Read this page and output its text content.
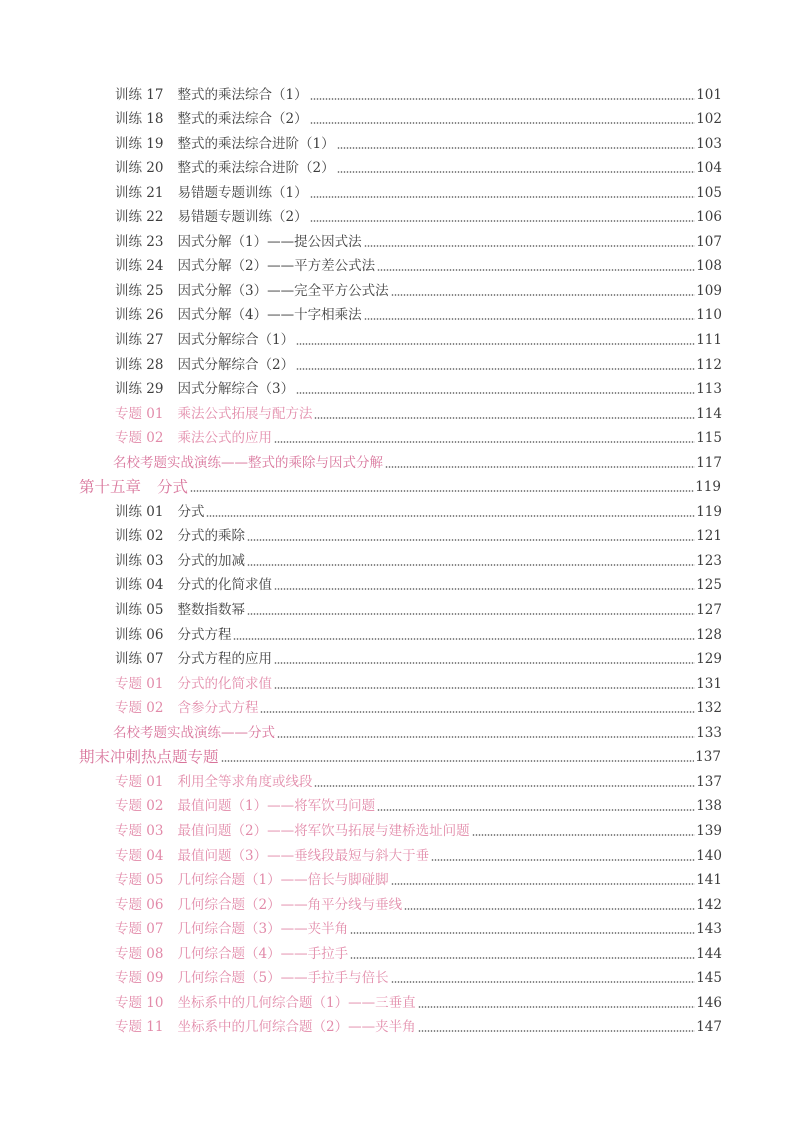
训练 17 整式的乘法综合（1）	101
训练 18 整式的乘法综合（2）	102
训练 19 整式的乘法综合进阶（1）	103
训练 20 整式的乘法综合进阶（2）	104
训练 21 易错题专题训练（1）	105
训练 22 易错题专题训练（2）	106
训练 23 因式分解（1）——提公因式法	107
训练 24 因式分解（2）——平方差公式法	108
训练 25 因式分解（3）——完全平方公式法	109
训练 26 因式分解（4）——十字相乘法	110
训练 27 因式分解综合（1）	111
训练 28 因式分解综合（2）	112
训练 29 因式分解综合（3）	113
专题 01 乘法公式拓展与配方法	114
专题 02 乘法公式的应用	115
名校考题实战演练——整式的乘除与因式分解	117
第十五章 分式	119
训练 01 分式	119
训练 02 分式的乘除	121
训练 03 分式的加减	123
训练 04 分式的化简求值	125
训练 05 整数指数幂	127
训练 06 分式方程	128
训练 07 分式方程的应用	129
专题 01 分式的化简求值	131
专题 02 含参分式方程	132
名校考题实战演练——分式	133
期末冲刺热点题专题	137
专题 01 利用全等求角度或线段	137
专题 02 最值问题（1）——将军饮马问题	138
专题 03 最值问题（2）——将军饮马拓展与建桥选址问题	139
专题 04 最值问题（3）——垂线段最短与斜大于垂	140
专题 05 几何综合题（1）——倍长与脚碰脚	141
专题 06 几何综合题（2）——角平分线与垂线	142
专题 07 几何综合题（3）——夹半角	143
专题 08 几何综合题（4）——手拉手	144
专题 09 几何综合题（5）——手拉手与倍长	145
专题 10 坐标系中的几何综合题（1）——三垂直	146
专题 11 坐标系中的几何综合题（2）——夹半角	147
